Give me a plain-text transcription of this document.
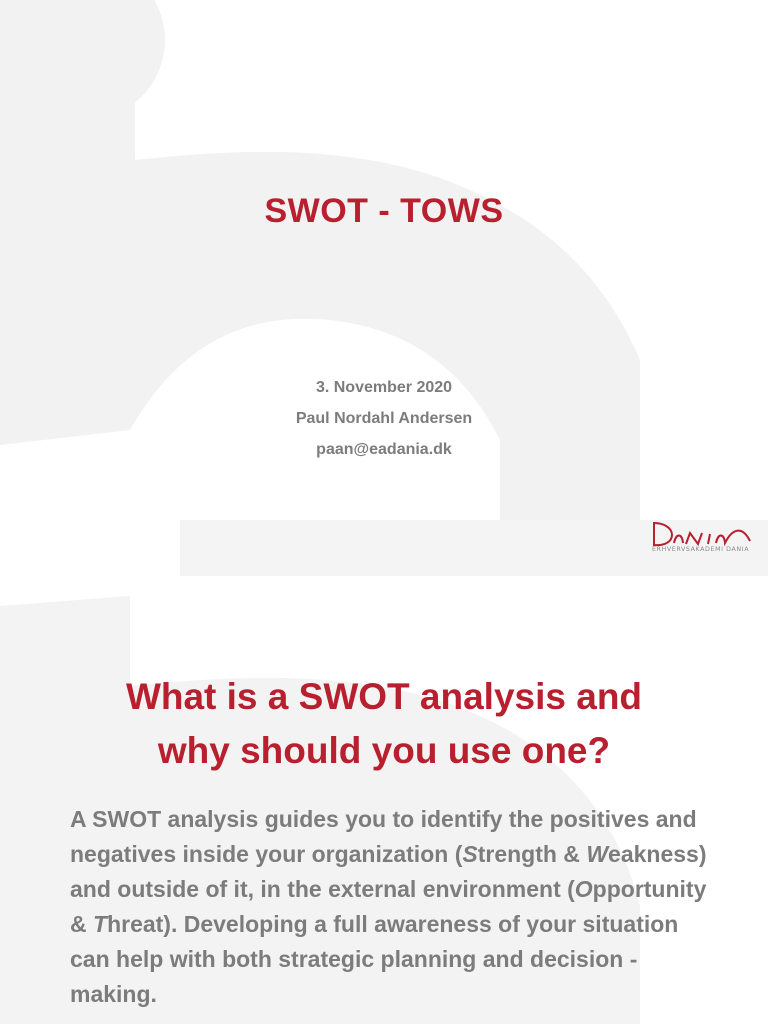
SWOT - TOWS
3. November 2020
Paul Nordahl Andersen
paan@eadania.dk
ERHVERVSAKADEMI DANIA
What is a SWOT analysis and
why should you use one?
A SWOT analysis guides you to identify the positives and negatives inside your organization (Strength & Weakness) and outside of it, in the external environment (Opportunity & Threat). Developing a full awareness of your situation can help with both strategic planning and decision -making.
